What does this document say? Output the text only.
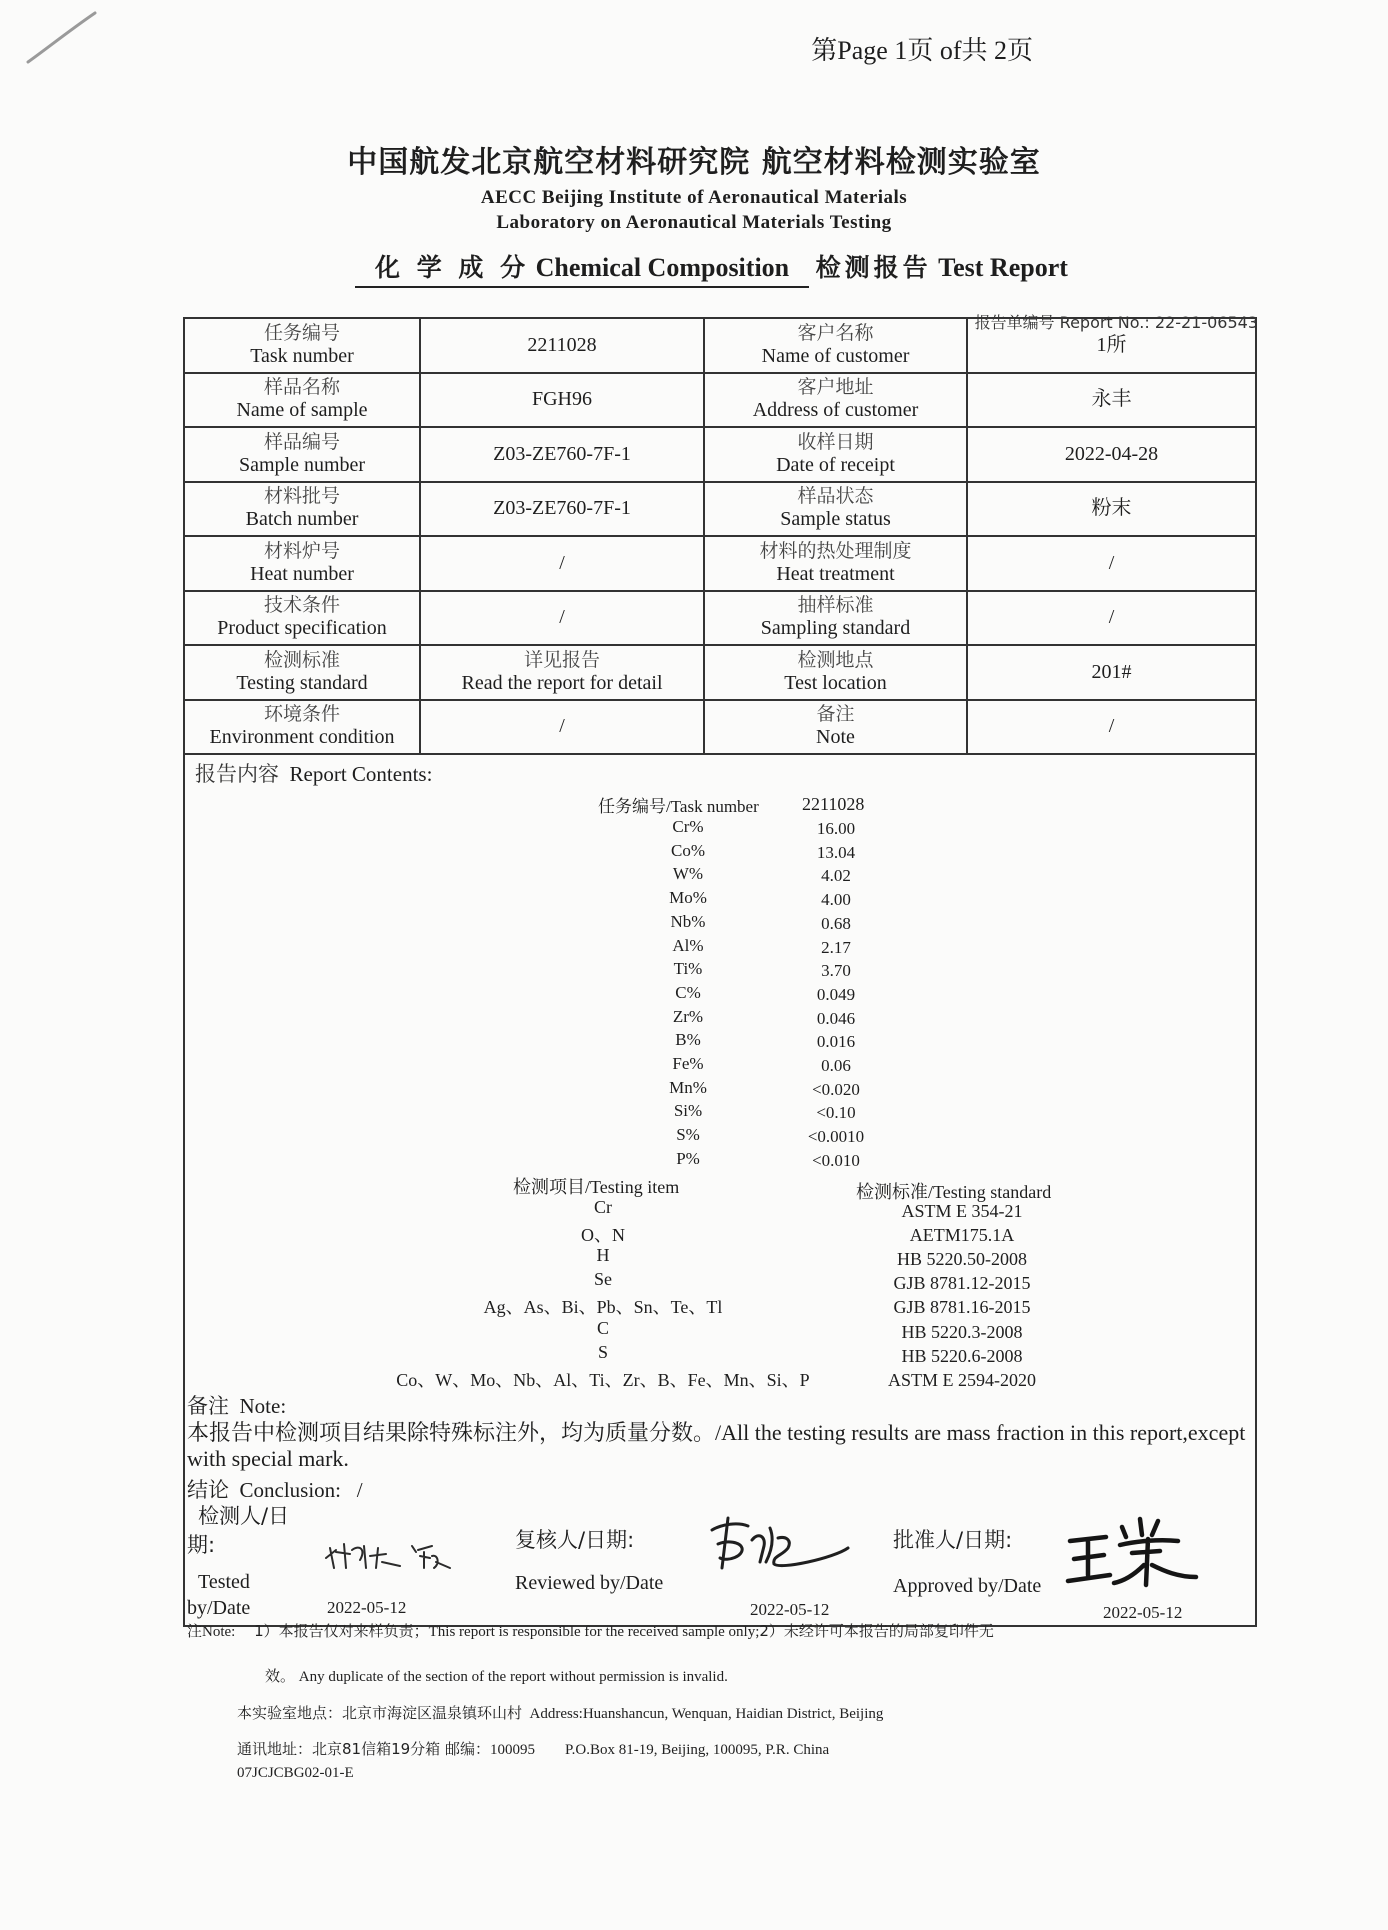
第Page 1页 of共 2页
中国航发北京航空材料研究院 航空材料检测实验室
AECC Beijing Institute of Aeronautical Materials
Laboratory on Aeronautical Materials Testing
化 学 成 分 Chemical Composition 检测报告 Test Report
报告单编号 Report No.: 22-21-06543
任务编号
Task number	2211028	客户名称
Name of customer	1所

样品名称
Name of sample	FGH96	客户地址
Address of customer	永丰

样品编号
Sample number	Z03-ZE760-7F-1	收样日期
Date of receipt	2022-04-28

材料批号
Batch number	Z03-ZE760-7F-1	样品状态
Sample status	粉末

材料炉号
Heat number	/	材料的热处理制度
Heat treatment	/

技术条件
Product specification	/	抽样标准
Sampling standard	/

检测标准
Testing standard	详见报告
Read the report for detail	检测地点
Test location	201#

环境条件
Environment condition	/	备注
Note	/
报告内容 Report Contents:
任务编号/Task number 2211028
Cr%	16.00
Co%	13.04
W%	4.02
Mo%	4.00
Nb%	0.68
Al%	2.17
Ti%	3.70
C%	0.049
Zr%	0.046
B%	0.016
Fe%	0.06
Mn%	<0.020
Si%	<0.10
S%	<0.0010
P%	<0.010
检测项目/Testing item	检测标准/Testing standard
Cr	ASTM E 354-21
O、N	AETM175.1A
H	HB 5220.50-2008
Se	GJB 8781.12-2015
Ag、As、Bi、Pb、Sn、Te、Tl	GJB 8781.16-2015
C	HB 5220.3-2008
S	HB 5220.6-2008
Co、W、Mo、Nb、Al、Ti、Zr、B、Fe、Mn、Si、P	ASTM E 2594-2020
备注 Note:
本报告中检测项目结果除特殊标注外，均为质量分数。/All the testing results are mass fraction in this report,except with special mark.
结论 Conclusion: /
检测人/日
期:
Tested
by/Date	2022-05-12
复核人/日期:
Reviewed by/Date
2022-05-12
批准人/日期:
Approved by/Date
2022-05-12
注Note: 1）本报告仅对来样负责；This report is responsible for the received sample only;2）未经许可本报告的局部复印件无
效。 Any duplicate of the section of the report without permission is invalid.
本实验室地点：北京市海淀区温泉镇环山村 Address:Huanshancun, Wenquan, Haidian District, Beijing
通讯地址：北京81信箱19分箱 邮编：100095 P.O.Box 81-19, Beijing, 100095, P.R. China
07JCJCBG02-01-E
